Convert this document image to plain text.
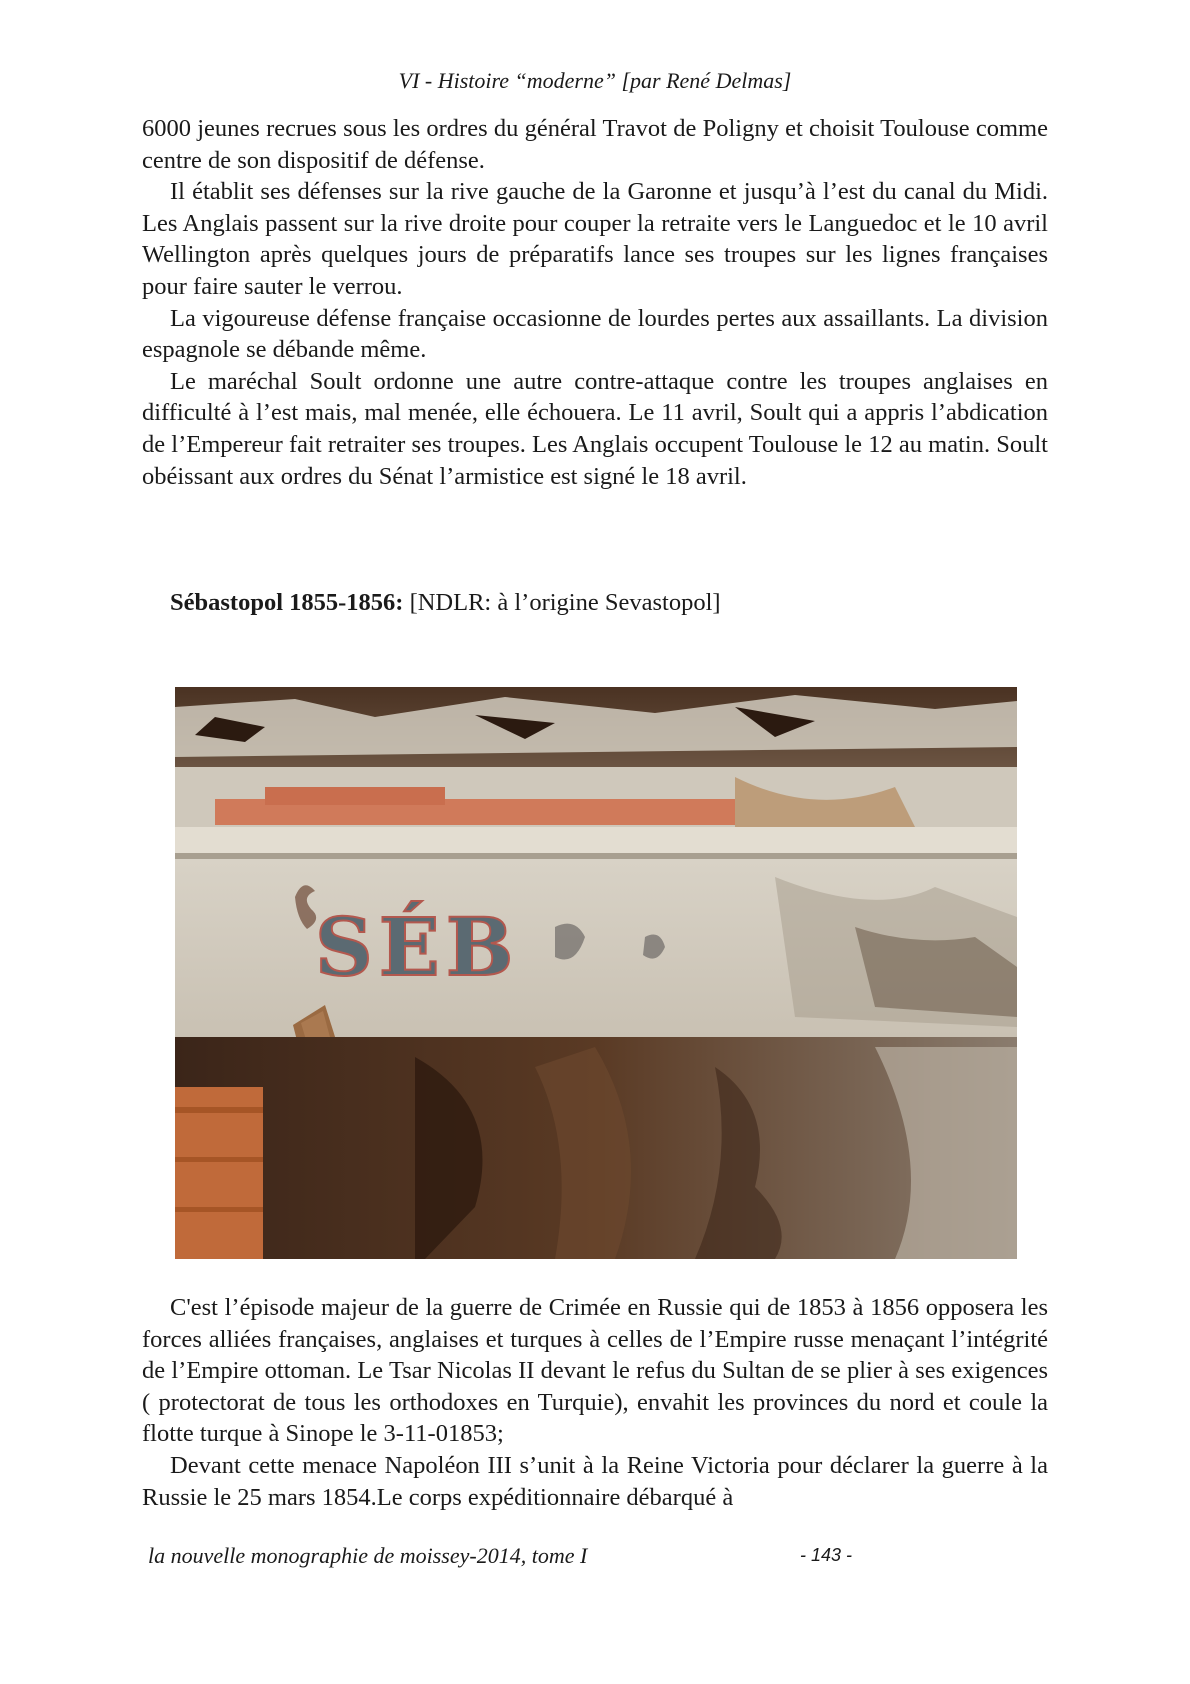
VI - Histoire “moderne” [par René Delmas]

6000 jeunes recrues sous les ordres du général Travot de Poligny et choisit Toulouse comme centre de son dispositif de défense.

Il établit ses défenses sur la rive gauche de la Garonne et jusqu’à l’est du canal du Midi. Les Anglais passent sur la rive droite pour couper la retraite vers le Languedoc et le 10 avril Wellington après quelques jours de préparatifs lance ses troupes sur les lignes françaises pour faire sauter le verrou.

La vigoureuse défense française occasionne de lourdes pertes aux assaillants. La division espagnole se débande même.

Le maréchal Soult ordonne une autre contre-attaque contre les troupes anglaises en difficulté à l’est mais, mal menée, elle échouera. Le 11 avril, Soult qui a appris l’abdication de l’Empereur fait retraiter ses troupes. Les Anglais occupent Toulouse le 12 au matin. Soult obéissant aux ordres du Sénat l’armistice est signé le 18 avril.

Sébastopol 1855-1856: [NDLR: à l’origine Sevastopol]

SÉB

C'est l’épisode majeur de la guerre de Crimée en Russie qui de 1853 à 1856 opposera les forces alliées françaises, anglaises et turques à celles de l’Empire russe menaçant l’intégrité de l’Empire ottoman. Le Tsar Nicolas II devant le refus du Sultan de se plier à ses exigences ( protectorat de tous les orthodoxes en Turquie), envahit les provinces du nord et coule la flotte turque à Sinope le 3-11-01853;

Devant cette menace Napoléon III s’unit à la Reine Victoria pour déclarer la guerre à la Russie le 25 mars 1854.Le corps expéditionnaire débarqué à

la nouvelle monographie de moissey-2014, tome I	- 143 -
